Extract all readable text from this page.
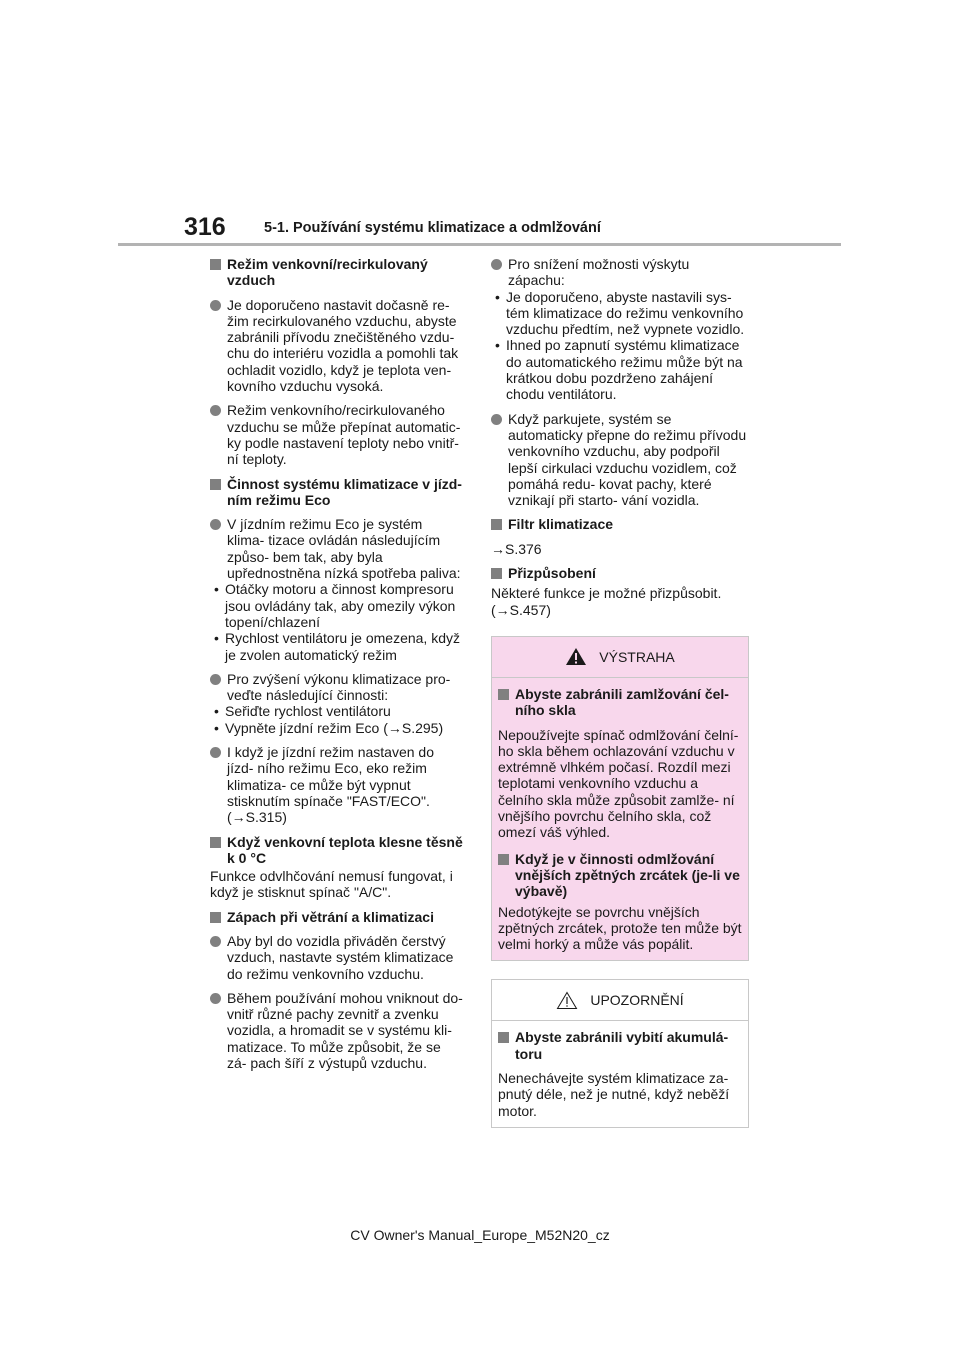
316	5-1. Používání systému klimatizace a odmlžování
Režim venkovní/recirkulovaný vzduch
Je doporučeno nastavit dočasně re- žim recirkulovaného vzduchu, abyste zabránili přívodu znečištěného vzdu- chu do interiéru vozidla a pomohli tak ochladit vozidlo, když je teplota ven- kovního vzduchu vysoká.
Režim venkovního/recirkulovaného vzduchu se může přepínat automatic- ky podle nastavení teploty nebo vnitř- ní teploty.
Činnost systému klimatizace v jízd- ním režimu Eco
V jízdním režimu Eco je systém klima- tizace ovládán následujícím způso- bem tak, aby byla upřednostněna nízká spotřeba paliva:
• Otáčky motoru a činnost kompresoru jsou ovládány tak, aby omezily výkon topení/chlazení
• Rychlost ventilátoru je omezena, když je zvolen automatický režim
Pro zvýšení výkonu klimatizace pro- veďte následující činnosti:
• Seřiďte rychlost ventilátoru
• Vypněte jízdní režim Eco (→S.295)
I když je jízdní režim nastaven do jízd- ního režimu Eco, eko režim klimatiza- ce může být vypnut stisknutím spínače "FAST/ECO". (→S.315)
Když venkovní teplota klesne těsně k 0 °C
Funkce odvlhčování nemusí fungovat, i když je stisknut spínač "A/C".
Zápach při větrání a klimatizaci
Aby byl do vozidla přiváděn čerstvý vzduch, nastavte systém klimatizace do režimu venkovního vzduchu.
Během používání mohou vniknout do- vnitř různé pachy zevnitř a zvenku vozidla, a hromadit se v systému kli- matizace. To může způsobit, že se zá- pach šíří z výstupů vzduchu.
Pro snížení možnosti výskytu zápachu:
• Je doporučeno, abyste nastavili sys- tém klimatizace do režimu venkovního vzduchu předtím, než vypnete vozidlo.
• Ihned po zapnutí systému klimatizace do automatického režimu může být na krátkou dobu pozdrženo zahájení chodu ventilátoru.
Když parkujete, systém se automaticky přepne do režimu přívodu venkovního vzduchu, aby podpořil lepší cirkulaci vzduchu vozidlem, což pomáhá redu- kovat pachy, které vznikají při starto- vání vozidla.
Filtr klimatizace
→S.376
Přizpůsobení
Některé funkce je možné přizpůsobit. (→S.457)
VÝSTRAHA
Abyste zabránili zamlžování čel- ního skla
Nepoužívejte spínač odmlžování čelní- ho skla během ochlazování vzduchu v extrémně vlhkém počasí. Rozdíl mezi teplotami venkovního vzduchu a čelního skla může způsobit zamlže- ní vnějšího povrchu čelního skla, což omezí váš výhled.
Když je v činnosti odmlžování vnějších zpětných zrcátek (je-li ve výbavě)
Nedotýkejte se povrchu vnějších zpětných zrcátek, protože ten může být velmi horký a může vás popálit.
UPOZORNĚNÍ
Abyste zabránili vybití akumulá- toru
Nenechávejte systém klimatizace za- pnutý déle, než je nutné, když neběží motor.
CV Owner's Manual_Europe_M52N20_cz
